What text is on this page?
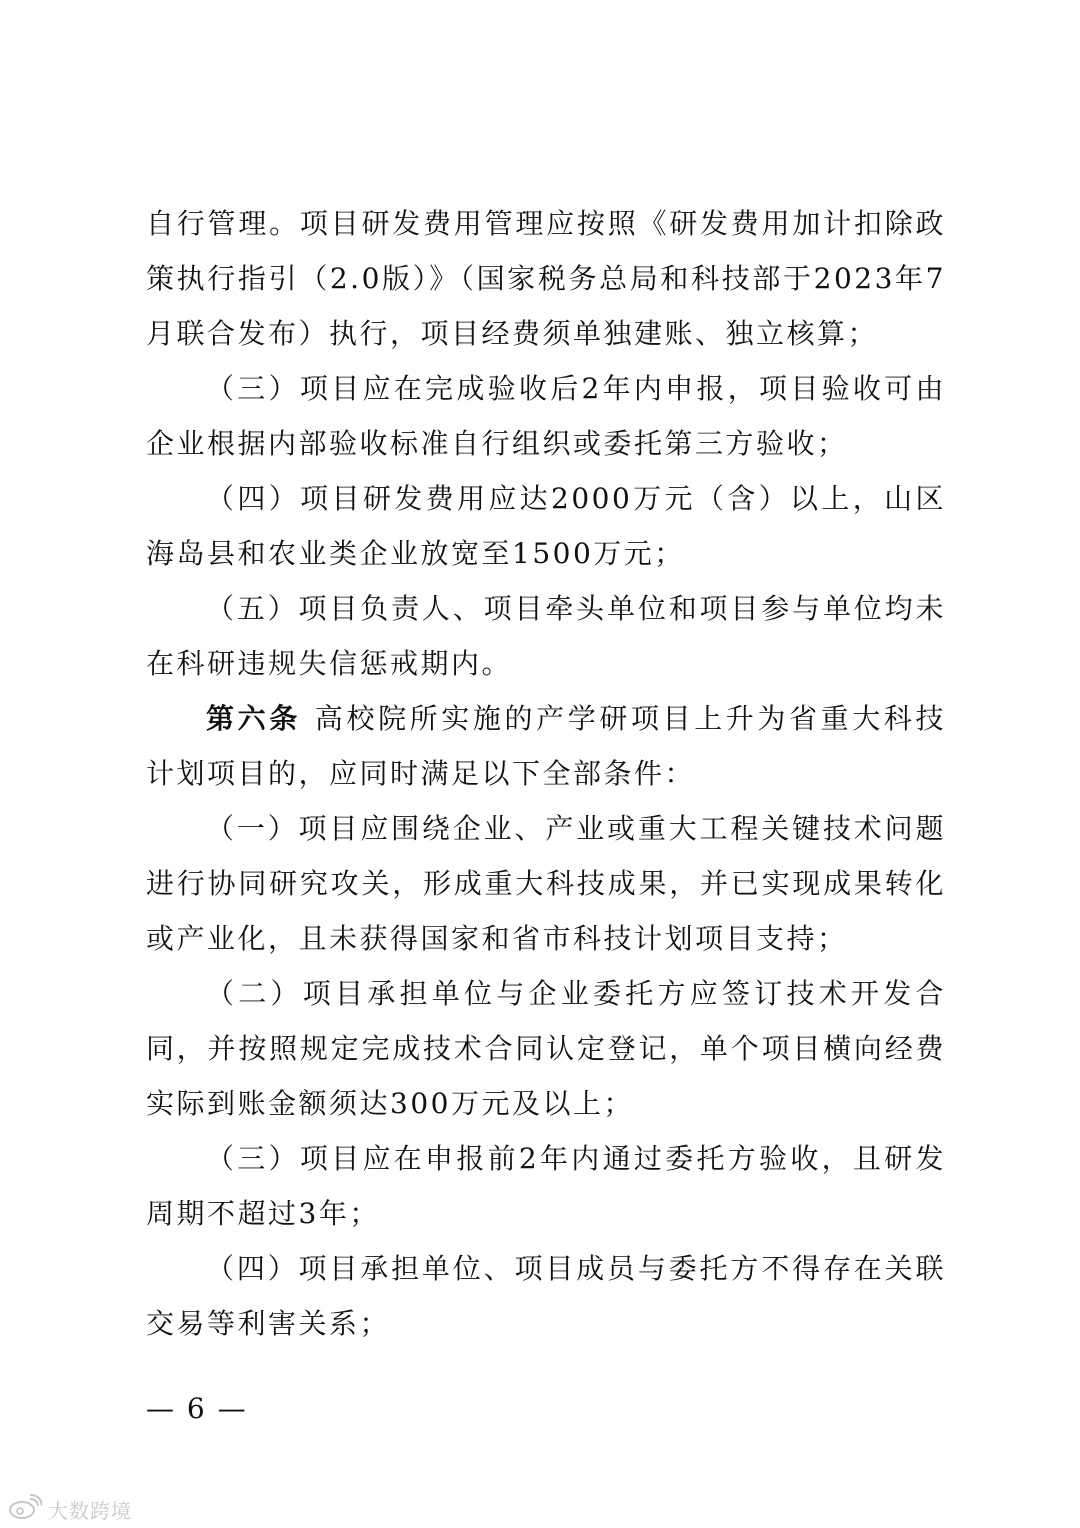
自行管理。项目研发费用管理应按照《研发费用加计扣除政策执行指引（2.0版）》（国家税务总局和科技部于2023年7月联合发布）执行，项目经费须单独建账、独立核算；

（三）项目应在完成验收后2年内申报，项目验收可由企业根据内部验收标准自行组织或委托第三方验收；

（四）项目研发费用应达2000万元（含）以上，山区海岛县和农业类企业放宽至1500万元；

（五）项目负责人、项目牵头单位和项目参与单位均未在科研违规失信惩戒期内。

第六条 高校院所实施的产学研项目上升为省重大科技计划项目的，应同时满足以下全部条件：

（一）项目应围绕企业、产业或重大工程关键技术问题进行协同研究攻关，形成重大科技成果，并已实现成果转化或产业化，且未获得国家和省市科技计划项目支持；

（二）项目承担单位与企业委托方应签订技术开发合同，并按照规定完成技术合同认定登记，单个项目横向经费实际到账金额须达300万元及以上；

（三）项目应在申报前2年内通过委托方验收，且研发周期不超过3年；

（四）项目承担单位、项目成员与委托方不得存在关联交易等利害关系；

— 6 —

大数跨境
